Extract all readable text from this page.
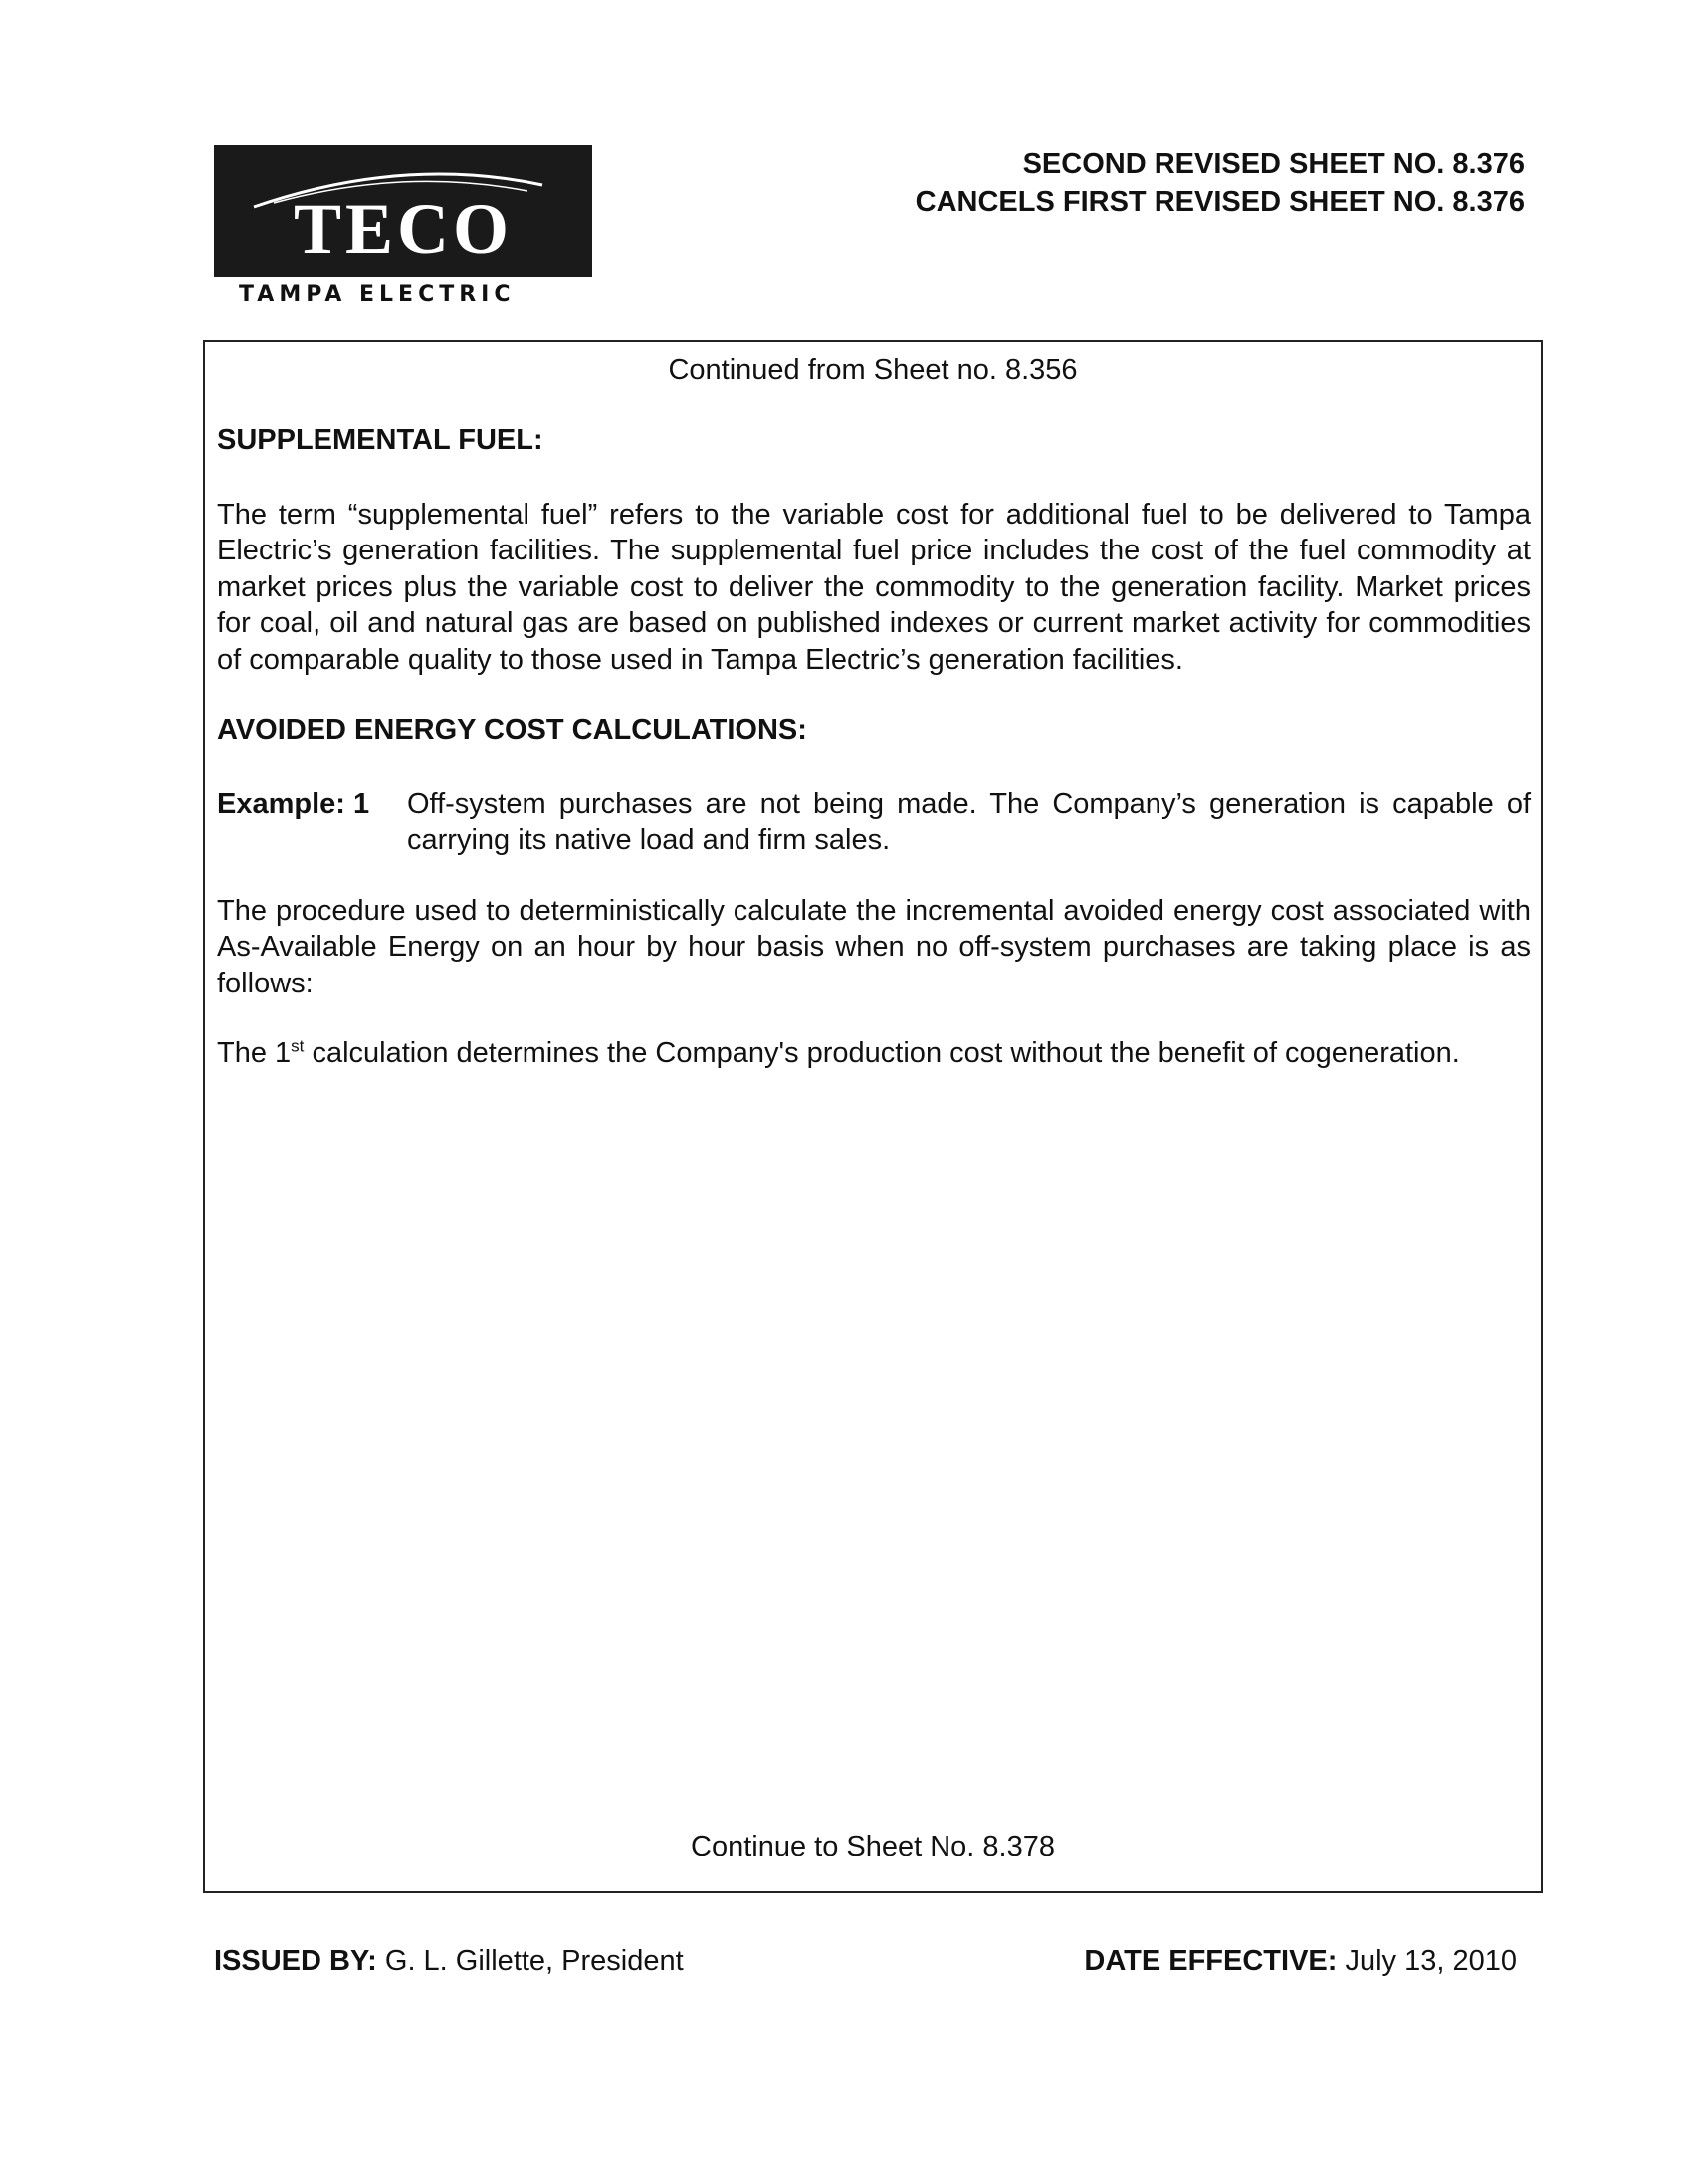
TECO
TAMPA ELECTRIC
SECOND REVISED SHEET NO. 8.376
CANCELS FIRST REVISED SHEET NO. 8.376
Continued from Sheet no. 8.356
SUPPLEMENTAL FUEL:
The term “supplemental fuel” refers to the variable cost for additional fuel to be delivered to Tampa Electric’s generation facilities. The supplemental fuel price includes the cost of the fuel commodity at market prices plus the variable cost to deliver the commodity to the generation facility. Market prices for coal, oil and natural gas are based on published indexes or current market activity for commodities of comparable quality to those used in Tampa Electric’s generation facilities.
AVOIDED ENERGY COST CALCULATIONS:
Example: 1	Off-system purchases are not being made. The Company’s generation is capable of carrying its native load and firm sales.
The procedure used to deterministically calculate the incremental avoided energy cost associated with As-Available Energy on an hour by hour basis when no off-system purchases are taking place is as follows:
The 1st calculation determines the Company's production cost without the benefit of cogeneration.
Continue to Sheet No. 8.378
ISSUED BY: G. L. Gillette, President	DATE EFFECTIVE: July 13, 2010
